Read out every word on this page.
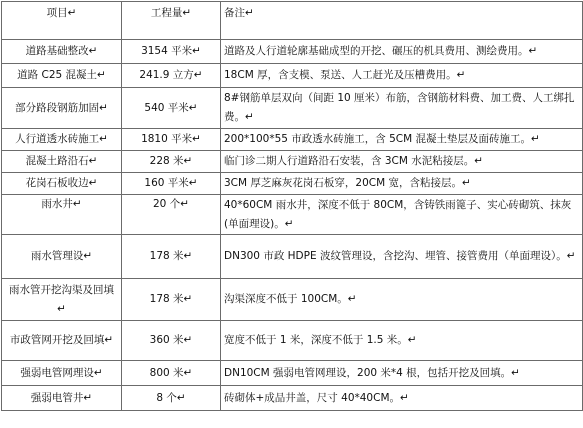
项目↵	工程量↵	备注↵
道路基础整改↵	3154 平米↵	道路及人行道轮廓基础成型的开挖、碾压的机具费用、测绘费用。↵
道路 C25 混凝土↵	241.9 立方↵	18CM 厚，含支模、泵送、人工赶光及压槽费用。↵
部分路段钢筋加固↵	540 平米↵	8#钢筋单层双向（间距 10 厘米）布筋，含钢筋材料费、加工费、人工绑扎费。↵
人行道透水砖施工↵	1810 平米↵	200*100*55 市政透水砖施工，含 5CM 混凝土垫层及面砖施工。↵
混凝土路沿石↵	228 米↵	临门诊二期人行道路沿石安装，含 3CM 水泥粘接层。↵
花岗石板收边↵	160 平米↵	3CM 厚芝麻灰花岗石板穿，20CM 宽，含粘接层。↵
雨水井↵	20 个↵	40*60CM 雨水井，深度不低于 80CM，含铸铁雨篦子、实心砖砌筑、抹灰(单面理设)。↵
雨水管理设↵	178 米↵	DN300 市政 HDPE 波纹管理设，含挖沟、埋管、接管费用（单面理设）。↵
雨水管开挖沟渠及回填↵	178 米↵	沟渠深度不低于 100CM。↵
市政管网开挖及回填↵	360 米↵	宽度不低于 1 米，深度不低于 1.5 米。↵
强弱电管网理设↵	800 米↵	DN10CM 强弱电管网理设，200 米*4 根，包括开挖及回填。↵
强弱电管井↵	8 个↵	砖砌体+成品井盖，尺寸 40*40CM。↵
